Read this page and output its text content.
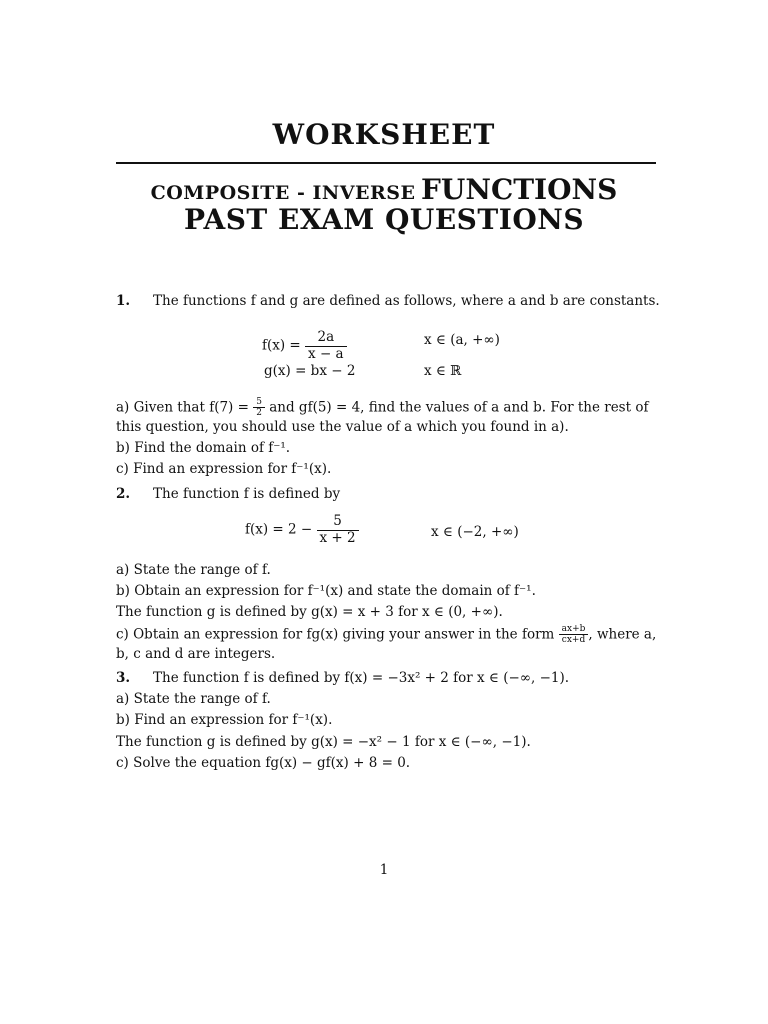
WORKSHEET
COMPOSITE - INVERSE FUNCTIONS
PAST EXAM QUESTIONS
1. The functions f and g are defined as follows, where a and b are constants.
$f(x) = \frac{2a}{x - a}$	x ∈ (a, +∞)
g(x) = bx − 2	x ∈ ℝ
a) Given that $f(7) = \frac{5}{2}$ and gf(5) = 4, find the values of a and b. For the rest of
this question, you should use the value of a which you found in a).
b) Find the domain of f⁻¹.
c) Find an expression for f⁻¹(x).
2. The function f is defined by
$f(x) = 2 - \frac{5}{x + 2}$	x ∈ (−2, +∞)
a) State the range of f.
b) Obtain an expression for f⁻¹(x) and state the domain of f⁻¹.
The function g is defined by g(x) = x + 3 for x ∈ (0, +∞).
c) Obtain an expression for fg(x) giving your answer in the form $\frac{ax+b}{cx+d}$ , where a,
b, c and d are integers.
3. The function f is defined by f(x) = −3x² + 2 for x ∈ (−∞, −1).
a) State the range of f.
b) Find an expression for f⁻¹(x).
The function g is defined by g(x) = −x² − 1 for x ∈ (−∞, −1).
c) Solve the equation fg(x) − gf(x) + 8 = 0.
1
